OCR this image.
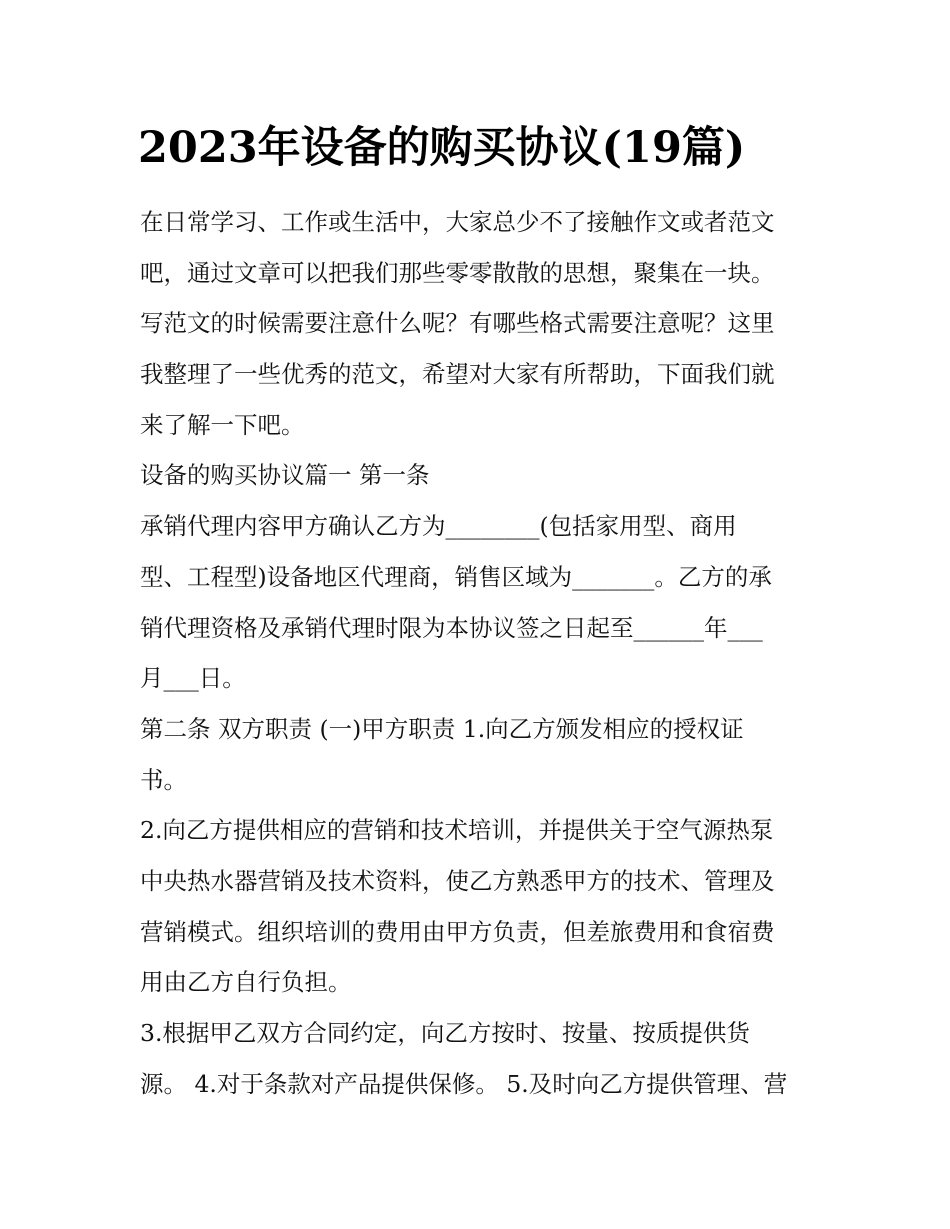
2023年设备的购买协议(19篇)

在日常学习、工作或生活中，大家总少不了接触作文或者范文

吧，通过文章可以把我们那些零零散散的思想，聚集在一块。

写范文的时候需要注意什么呢？有哪些格式需要注意呢？这里

我整理了一些优秀的范文，希望对大家有所帮助，下面我们就

来了解一下吧。

设备的购买协议篇一 第一条

承销代理内容甲方确认乙方为________(包括家用型、商用

型、工程型)设备地区代理商，销售区域为_______。乙方的承

销代理资格及承销代理时限为本协议签之日起至______年___

月___日。

第二条 双方职责 (一)甲方职责 1.向乙方颁发相应的授权证

书。

2.向乙方提供相应的营销和技术培训，并提供关于空气源热泵

中央热水器营销及技术资料，使乙方熟悉甲方的技术、管理及

营销模式。组织培训的费用由甲方负责，但差旅费用和食宿费

用由乙方自行负担。

3.根据甲乙双方合同约定，向乙方按时、按量、按质提供货

源。 4.对于条款对产品提供保修。 5.及时向乙方提供管理、营
